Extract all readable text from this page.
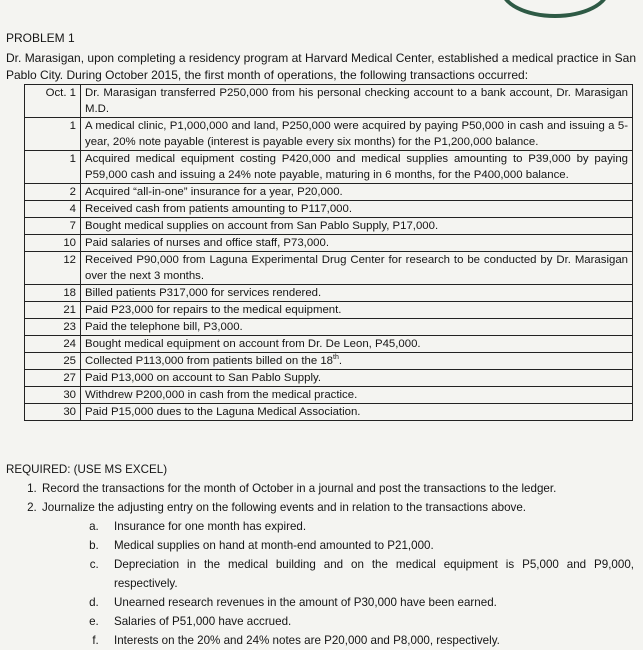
PROBLEM 1

Dr. Marasigan, upon completing a residency program at Harvard Medical Center, established a medical practice in San Pablo City. During October 2015, the first month of operations, the following transactions occurred:

Oct. 1	Dr. Marasigan transferred P250,000 from his personal checking account to a bank account, Dr. Marasigan M.D.
1	A medical clinic, P1,000,000 and land, P250,000 were acquired by paying P50,000 in cash and issuing a 5-year, 20% note payable (interest is payable every six months) for the P1,200,000 balance.
1	Acquired medical equipment costing P420,000 and medical supplies amounting to P39,000 by paying P59,000 cash and issuing a 24% note payable, maturing in 6 months, for the P400,000 balance.
2	Acquired “all-in-one” insurance for a year, P20,000.
4	Received cash from patients amounting to P117,000.
7	Bought medical supplies on account from San Pablo Supply, P17,000.
10	Paid salaries of nurses and office staff, P73,000.
12	Received P90,000 from Laguna Experimental Drug Center for research to be conducted by Dr. Marasigan over the next 3 months.
18	Billed patients P317,000 for services rendered.
21	Paid P23,000 for repairs to the medical equipment.
23	Paid the telephone bill, P3,000.
24	Bought medical equipment on account from Dr. De Leon, P45,000.
25	Collected P113,000 from patients billed on the 18th.
27	Paid P13,000 on account to San Pablo Supply.
30	Withdrew P200,000 in cash from the medical practice.
30	Paid P15,000 dues to the Laguna Medical Association.

REQUIRED: (USE MS EXCEL)

1. Record the transactions for the month of October in a journal and post the transactions to the ledger.
2. Journalize the adjusting entry on the following events and in relation to the transactions above.
a. Insurance for one month has expired.
b. Medical supplies on hand at month-end amounted to P21,000.
c. Depreciation in the medical building and on the medical equipment is P5,000 and P9,000, respectively.
d. Unearned research revenues in the amount of P30,000 have been earned.
e. Salaries of P51,000 have accrued.
f. Interests on the 20% and 24% notes are P20,000 and P8,000, respectively.
